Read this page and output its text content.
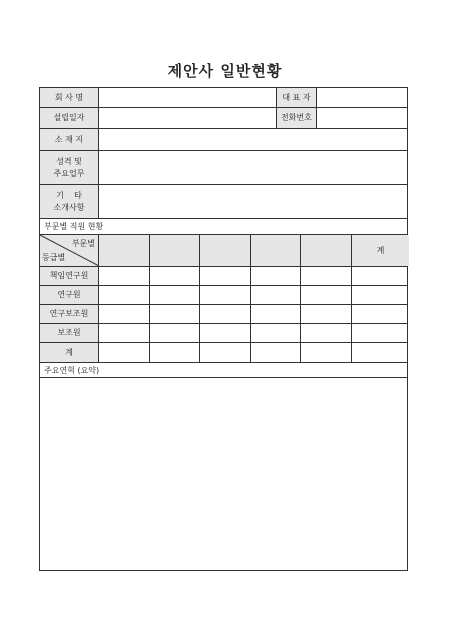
제안사 일반현황
회 사 명	대 표 자
설립일자	전화번호
소 재 지
성격 및
주요업무
기    타
소개사항
부문별 직원 현황
부문별
등급별
계
책임연구원
연구원
연구보조원
보조원
계
주요연혁 (요약)
